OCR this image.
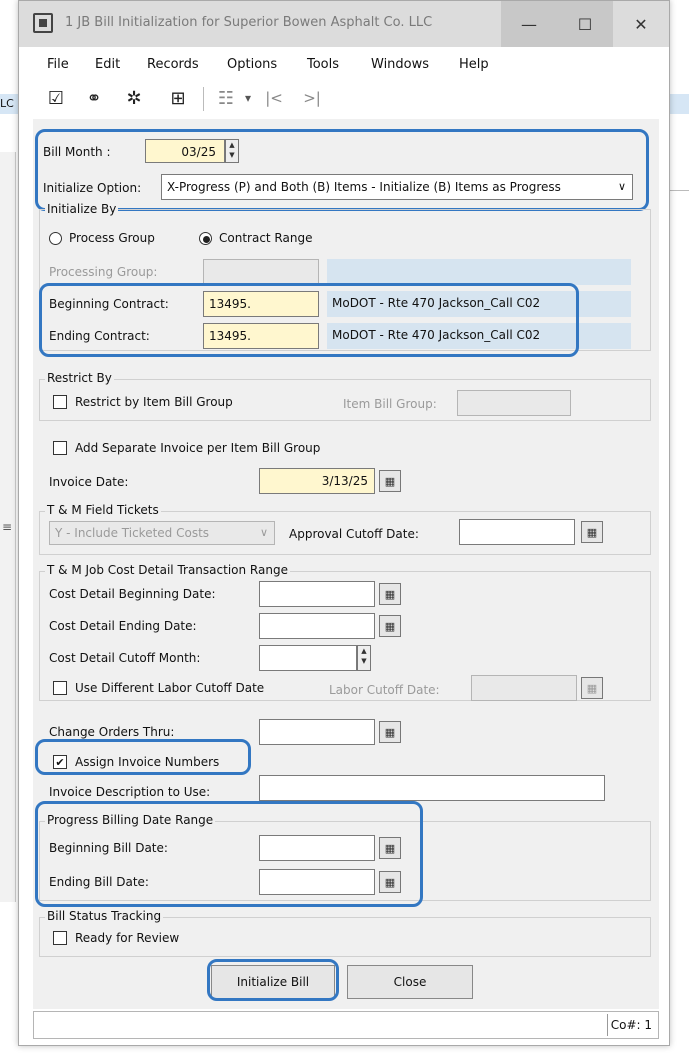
LC
≡
1 JB Bill Initialization for Superior Bowen Asphalt Co. LLC	—	☐	✕
File Edit Records Options Tools Windows Help
☑ ⚭ ✲ ⊞ ☷ ▾ |< >|
Bill Month :	03/25	▲
▼
Initialize Option: X-Progress (P) and Both (B) Items - Initialize (B) Items as Progress	∨
Initialize By
Process Group	Contract Range
Processing Group:
Beginning Contract:	13495.	MoDOT - Rte 470 Jackson_Call C02
Ending Contract:	13495.	MoDOT - Rte 470 Jackson_Call C02
Restrict By
Restrict by Item Bill Group	Item Bill Group:
Add Separate Invoice per Item Bill Group
Invoice Date:	3/13/25	▦
T & M Field Tickets
Y - Include Ticketed Costs	∨ Approval Cutoff Date:	▦
T & M Job Cost Detail Transaction Range
Cost Detail Beginning Date:	▦
Cost Detail Ending Date:	▦
Cost Detail Cutoff Month:	▲
▼
Use Different Labor Cutoff Date	Labor Cutoff Date:	▦
Change Orders Thru:	▦
✔ Assign Invoice Numbers
Invoice Description to Use:
Progress Billing Date Range
Beginning Bill Date:	▦
Ending Bill Date:	▦
Bill Status Tracking
Ready for Review
Initialize Bill	Close
Co#: 1
